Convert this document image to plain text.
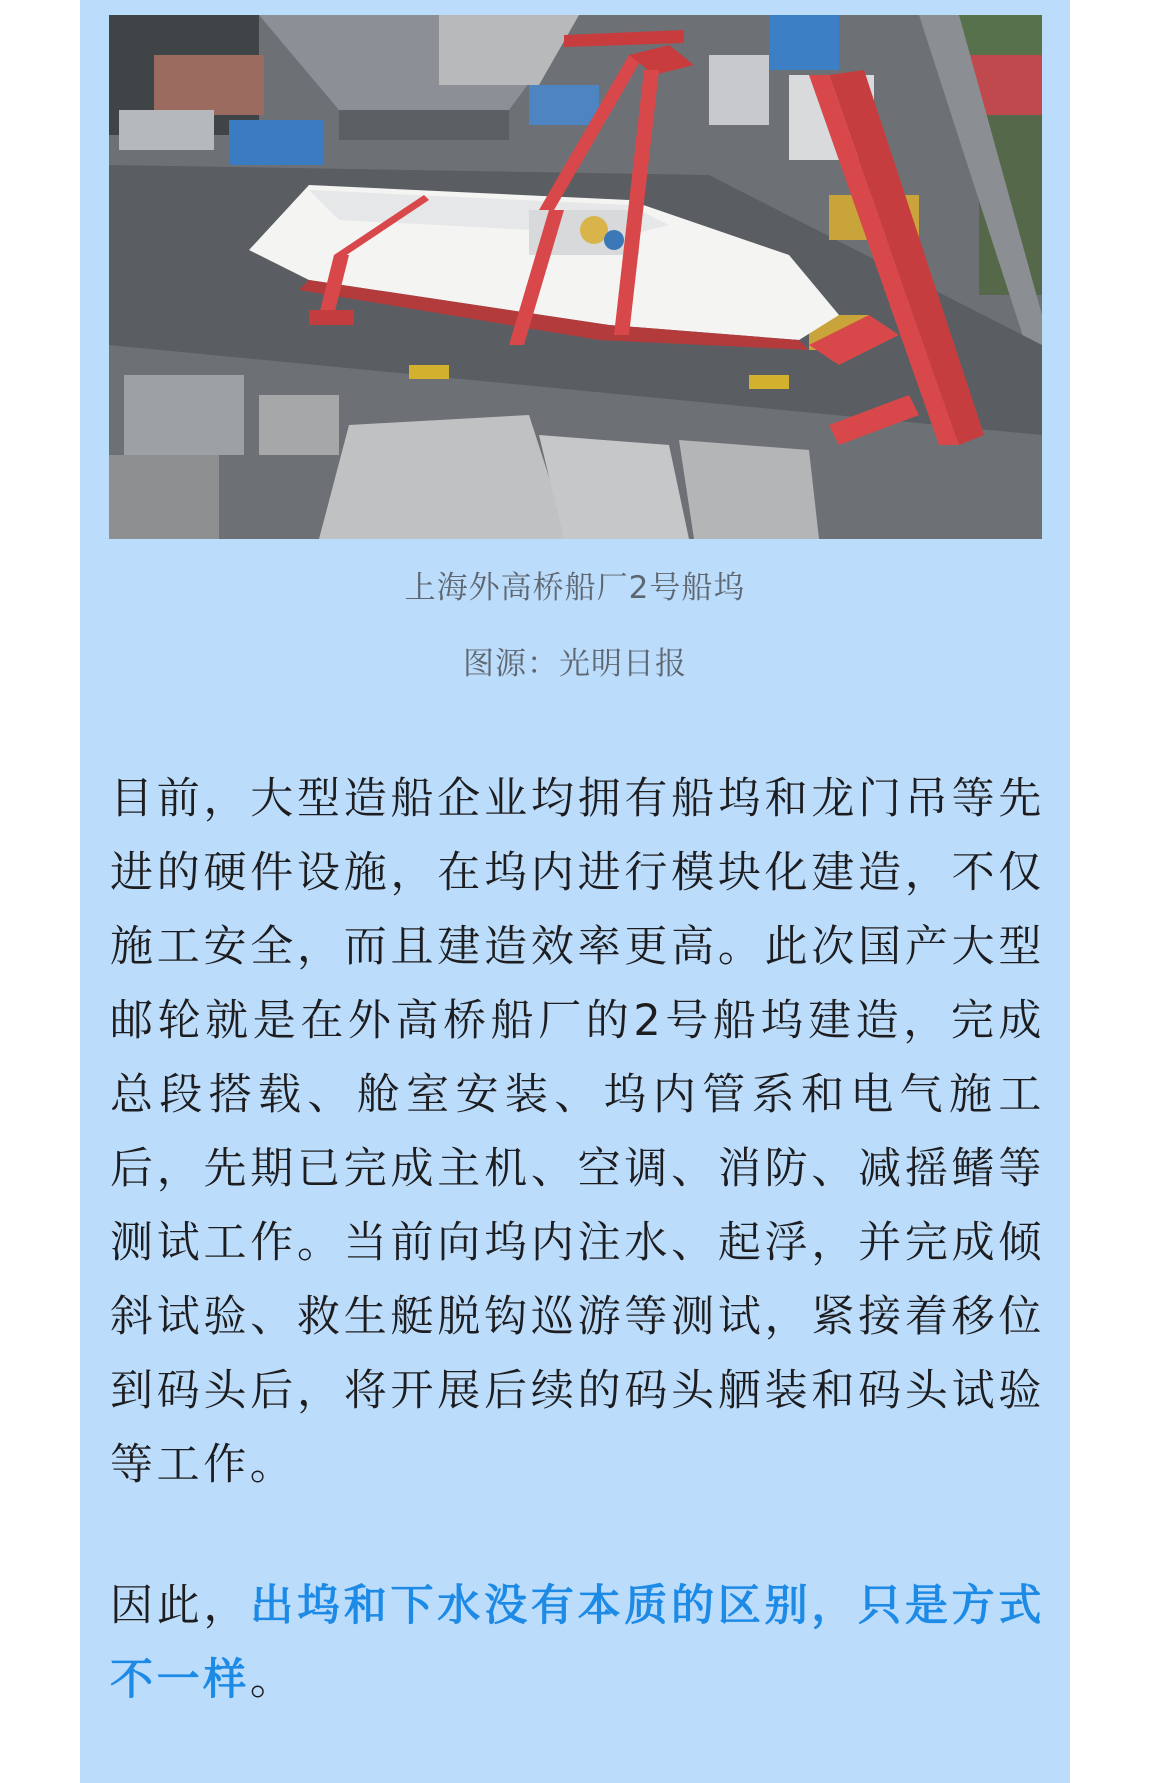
上海外高桥船厂2号船坞
图源：光明日报

目前，大型造船企业均拥有船坞和龙门吊等先进的硬件设施，在坞内进行模块化建造，不仅施工安全，而且建造效率更高。此次国产大型邮轮就是在外高桥船厂的2号船坞建造，完成总段搭载、舱室安装、坞内管系和电气施工后，先期已完成主机、空调、消防、减摇鳍等测试工作。当前向坞内注水、起浮，并完成倾斜试验、救生艇脱钩巡游等测试，紧接着移位到码头后，将开展后续的码头舾装和码头试验等工作。

因此，出坞和下水没有本质的区别，只是方式不一样。
